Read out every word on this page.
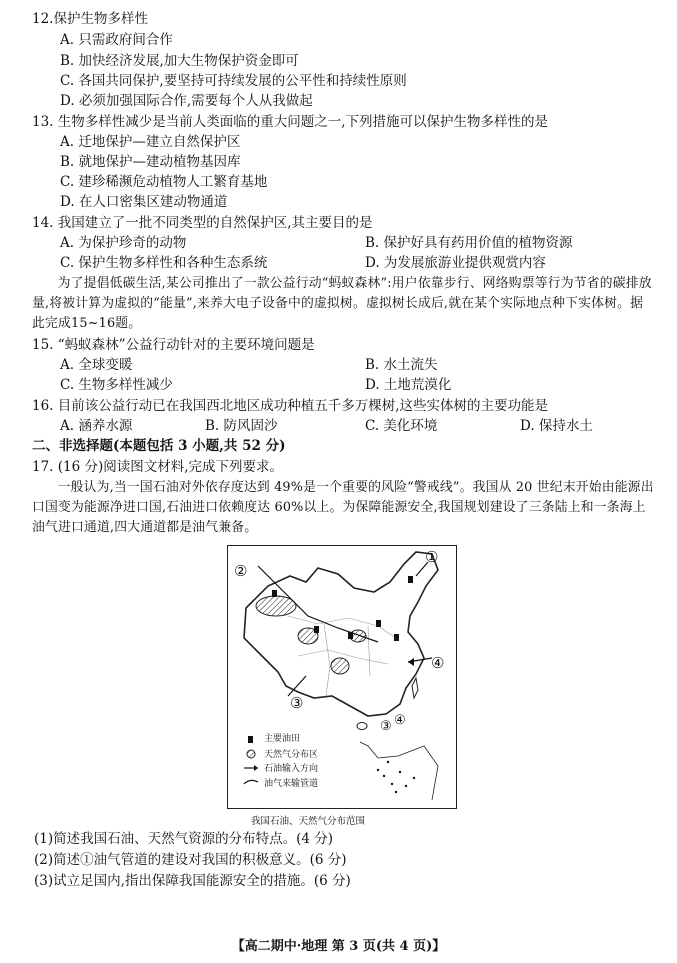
12.保护生物多样性
A. 只需政府间合作
B. 加快经济发展,加大生物保护资金即可
C. 各国共同保护,要坚持可持续发展的公平性和持续性原则
D. 必须加强国际合作,需要每个人从我做起
13. 生物多样性减少是当前人类面临的重大问题之一,下列措施可以保护生物多样性的是
A. 迁地保护—建立自然保护区
B. 就地保护—建动植物基因库
C. 建珍稀濒危动植物人工繁育基地
D. 在人口密集区建动物通道
14. 我国建立了一批不同类型的自然保护区,其主要目的是
A. 为保护珍奇的动物	B. 保护好具有药用价值的植物资源
C. 保护生物多样性和各种生态系统	D. 为发展旅游业提供观赏内容
为了提倡低碳生活,某公司推出了一款公益行动“蚂蚁森林”:用户依靠步行、网络购票等行为节省的碳排放量,将被计算为虚拟的“能量”,来养大电子设备中的虚拟树。虚拟树长成后,就在某个实际地点种下实体树。据此完成15~16题。
15. “蚂蚁森林”公益行动针对的主要环境问题是
A. 全球变暖	B. 水土流失
C. 生物多样性减少	D. 土地荒漠化
16. 目前该公益行动已在我国西北地区成功种植五千多万棵树,这些实体树的主要功能是
A. 涵养水源	B. 防风固沙	C. 美化环境	D. 保持水土
二、非选择题(本题包括 3 小题,共 52 分)
17. (16 分)阅读图文材料,完成下列要求。
一般认为,当一国石油对外依存度达到 49%是一个重要的风险“警戒线”。我国从 20 世纪末开始由能源出口国变为能源净进口国,石油进口依赖度达 60%以上。为保障能源安全,我国规划建设了三条陆上和一条海上油气进口通道,四大通道都是油气兼备。
①
②
③
④
③ ④
主要油田
天然气分布区
石油输入方向
油气来输管道
我国石油、天然气分布范围
(1)简述我国石油、天然气资源的分布特点。(4 分)
(2)简述①油气管道的建设对我国的积极意义。(6 分)
(3)试立足国内,指出保障我国能源安全的措施。(6 分)
【高二期中·地理 第 3 页(共 4 页)】
